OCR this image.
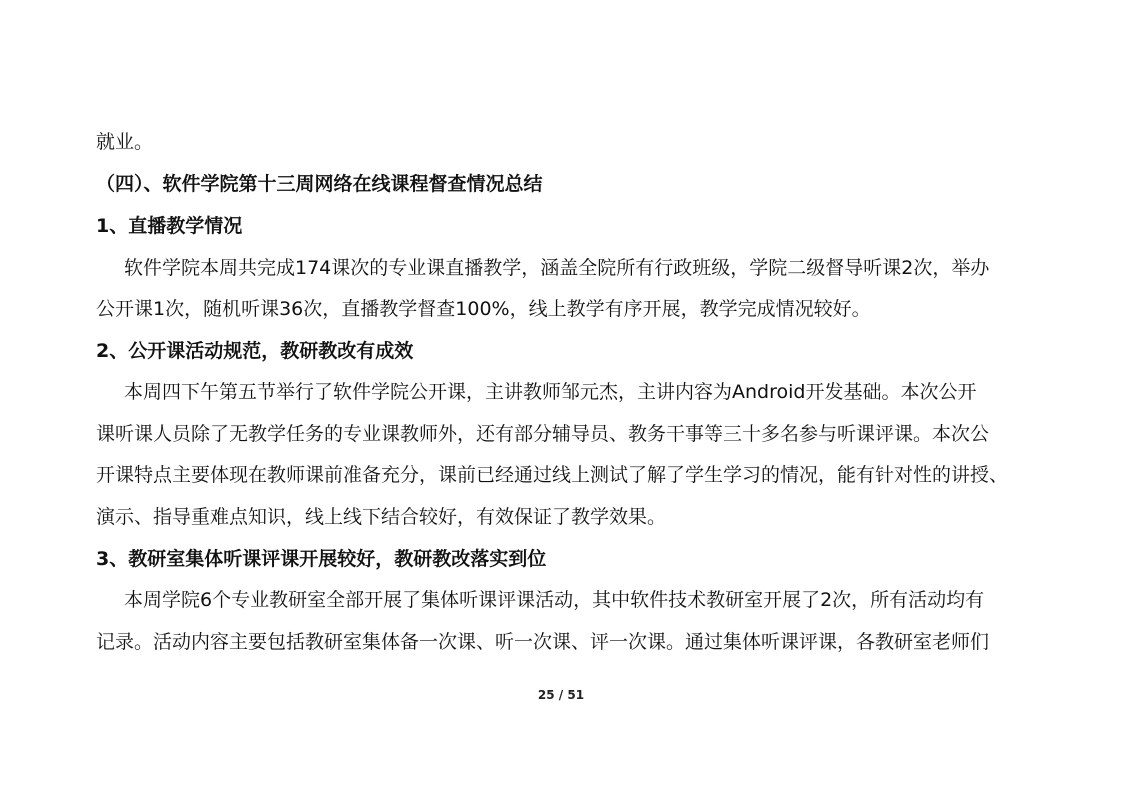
就业。
（四）、软件学院第十三周网络在线课程督查情况总结
1、直播教学情况
软件学院本周共完成174课次的专业课直播教学，涵盖全院所有行政班级，学院二级督导听课2次，举办
公开课1次，随机听课36次，直播教学督查100%，线上教学有序开展，教学完成情况较好。
2、公开课活动规范，教研教改有成效
本周四下午第五节举行了软件学院公开课，主讲教师邹元杰，主讲内容为Android开发基础。本次公开
课听课人员除了无教学任务的专业课教师外，还有部分辅导员、教务干事等三十多名参与听课评课。本次公
开课特点主要体现在教师课前准备充分，课前已经通过线上测试了解了学生学习的情况，能有针对性的讲授、
演示、指导重难点知识，线上线下结合较好，有效保证了教学效果。
3、教研室集体听课评课开展较好，教研教改落实到位
本周学院6个专业教研室全部开展了集体听课评课活动，其中软件技术教研室开展了2次，所有活动均有
记录。活动内容主要包括教研室集体备一次课、听一次课、评一次课。通过集体听课评课，各教研室老师们
25 / 51
